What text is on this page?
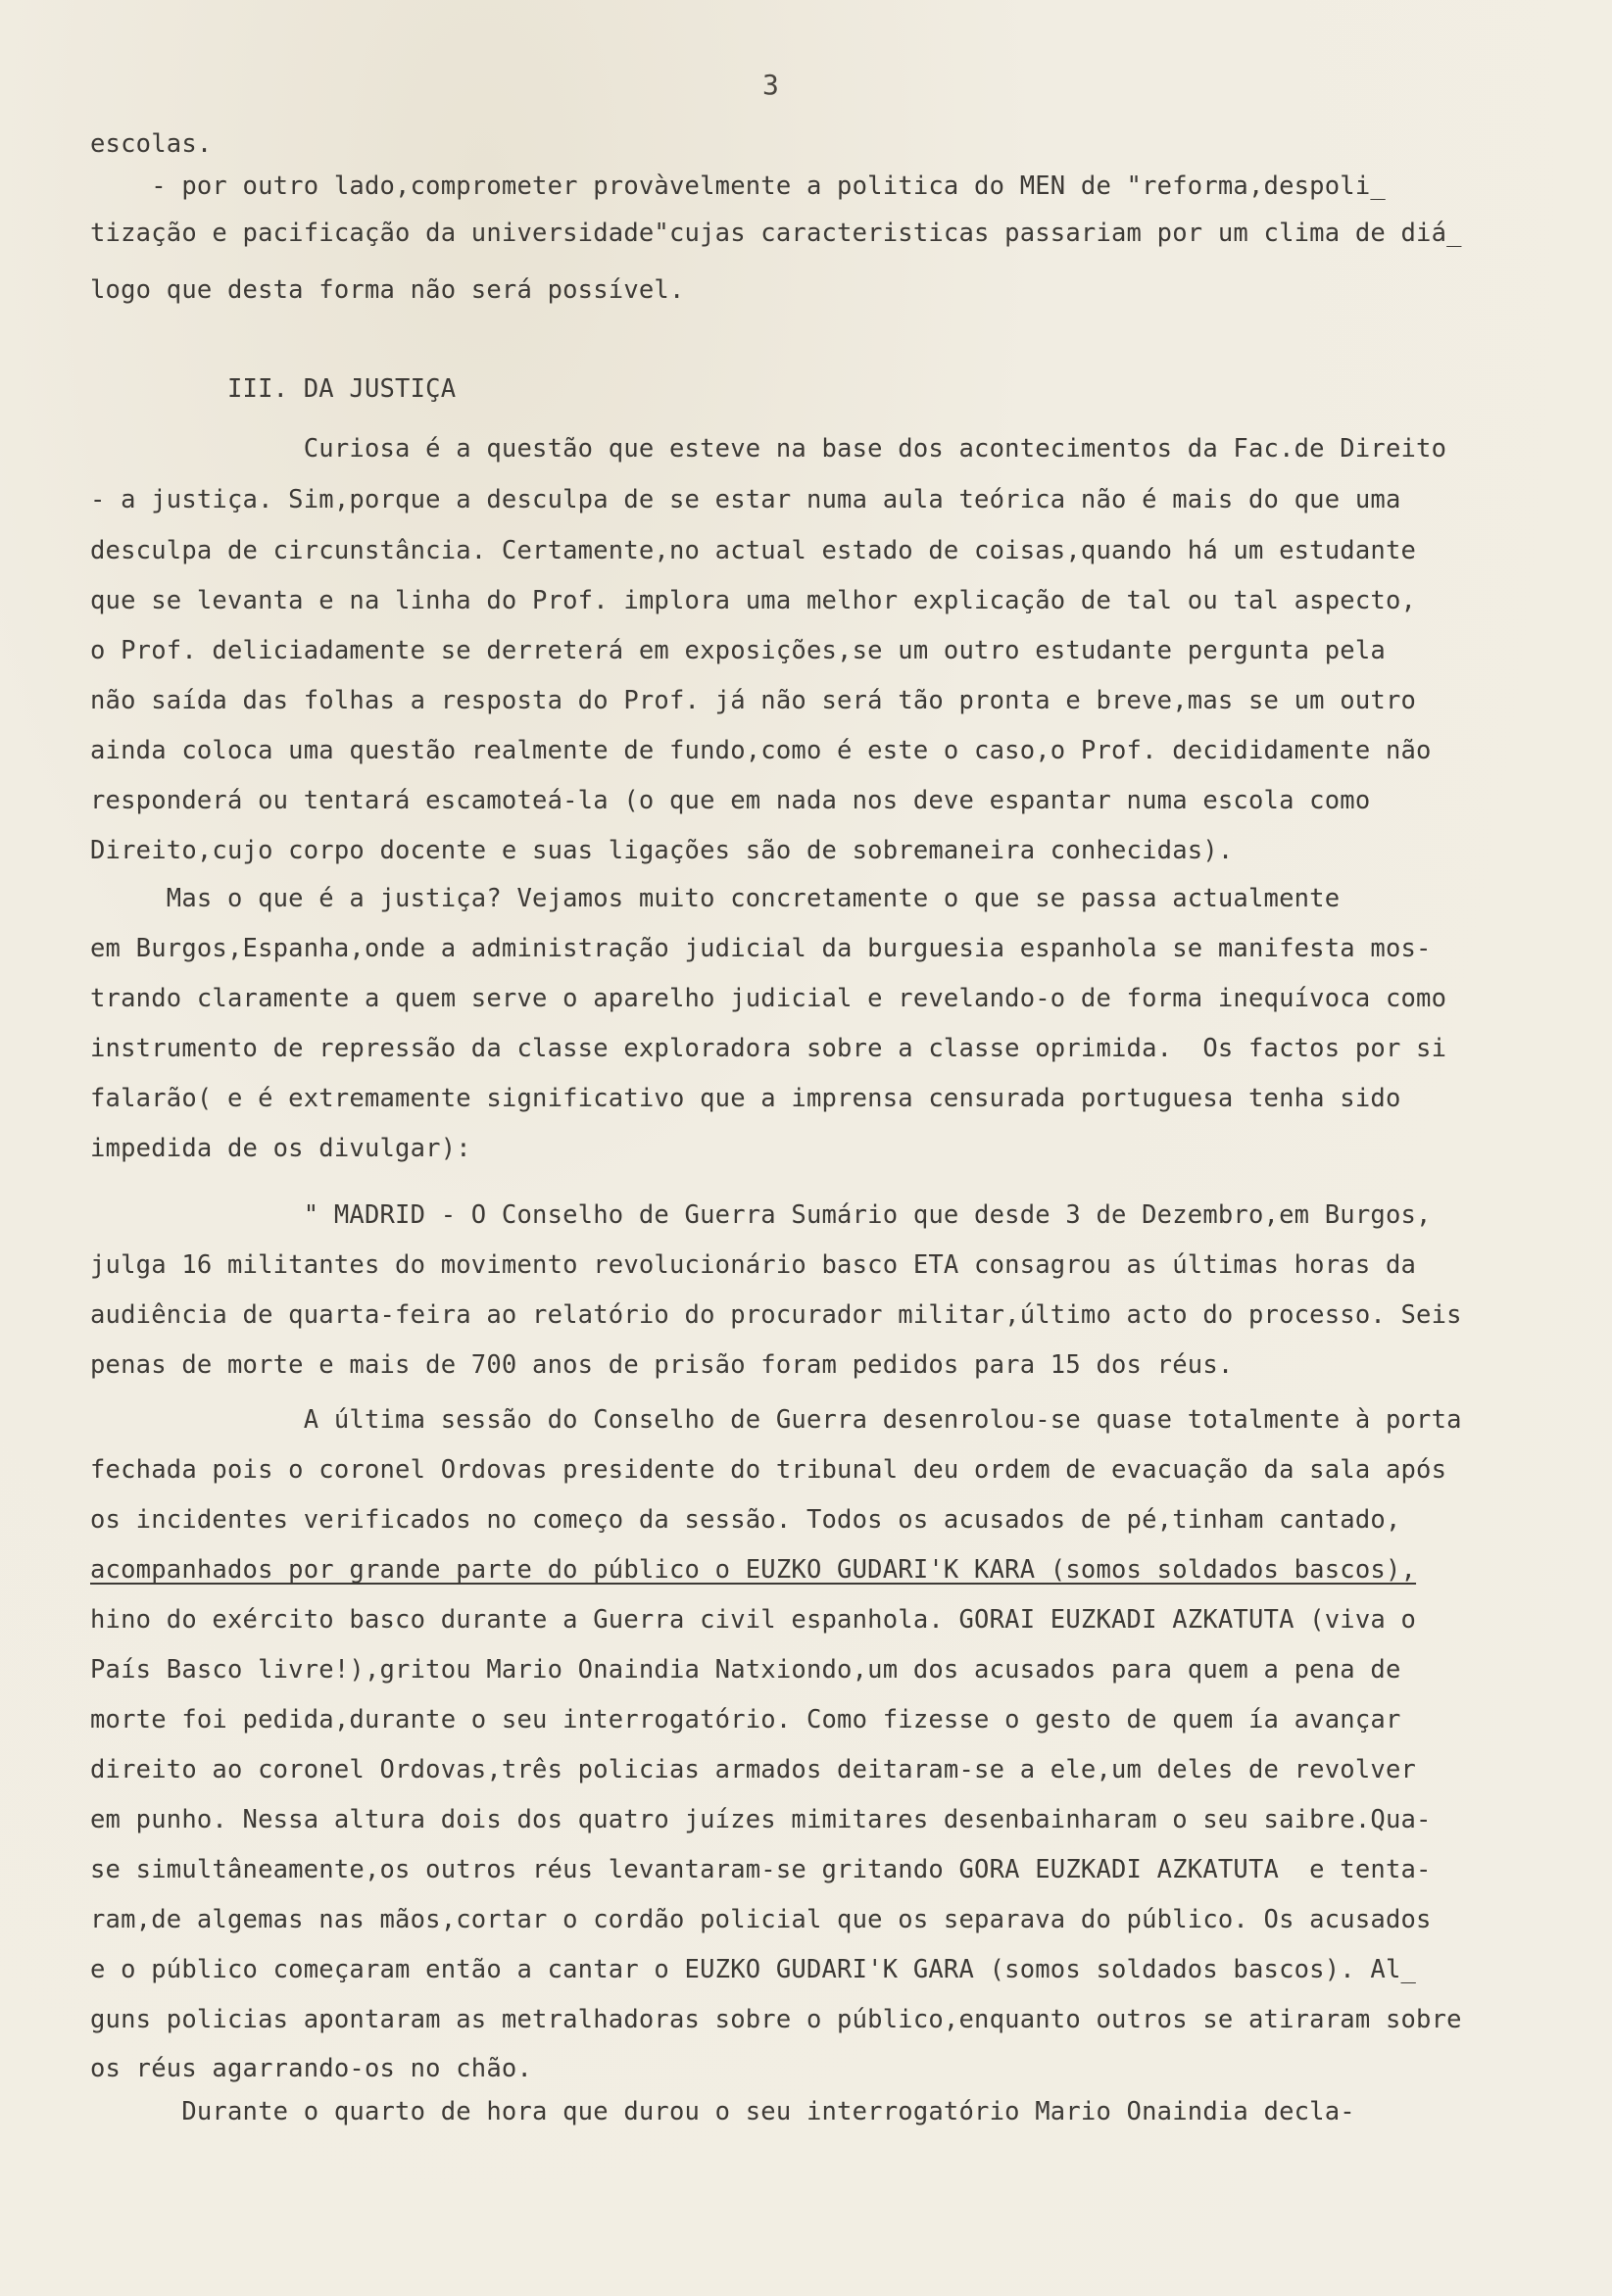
3
escolas.
- por outro lado,comprometer provàvelmente a politica do MEN de "reforma,despoli_
tização e pacificação da universidade"cujas caracteristicas passariam por um clima de diá_
logo que desta forma não será possível.
III. DA JUSTIÇA
Curiosa é a questão que esteve na base dos acontecimentos da Fac.de Direito
- a justiça. Sim,porque a desculpa de se estar numa aula teórica não é mais do que uma
desculpa de circunstância. Certamente,no actual estado de coisas,quando há um estudante
que se levanta e na linha do Prof. implora uma melhor explicação de tal ou tal aspecto,
o Prof. deliciadamente se derreterá em exposições,se um outro estudante pergunta pela
não saída das folhas a resposta do Prof. já não será tão pronta e breve,mas se um outro
ainda coloca uma questão realmente de fundo,como é este o caso,o Prof. decididamente não
responderá ou tentará escamoteá-la (o que em nada nos deve espantar numa escola como
Direito,cujo corpo docente e suas ligações são de sobremaneira conhecidas).
Mas o que é a justiça? Vejamos muito concretamente o que se passa actualmente
em Burgos,Espanha,onde a administração judicial da burguesia espanhola se manifesta mos-
trando claramente a quem serve o aparelho judicial e revelando-o de forma inequívoca como
instrumento de repressão da classe exploradora sobre a classe oprimida.  Os factos por si
falarão( e é extremamente significativo que a imprensa censurada portuguesa tenha sido
impedida de os divulgar):
" MADRID - O Conselho de Guerra Sumário que desde 3 de Dezembro,em Burgos,
julga 16 militantes do movimento revolucionário basco ETA consagrou as últimas horas da
audiência de quarta-feira ao relatório do procurador militar,último acto do processo. Seis
penas de morte e mais de 700 anos de prisão foram pedidos para 15 dos réus.
A última sessão do Conselho de Guerra desenrolou-se quase totalmente à porta
fechada pois o coronel Ordovas presidente do tribunal deu ordem de evacuação da sala após
os incidentes verificados no começo da sessão. Todos os acusados de pé,tinham cantado,
acompanhados por grande parte do público o EUZKO GUDARI'K KARA (somos soldados bascos),
hino do exército basco durante a Guerra civil espanhola. GORAI EUZKADI AZKATUTA (viva o
País Basco livre!),gritou Mario Onaindia Natxiondo,um dos acusados para quem a pena de
morte foi pedida,durante o seu interrogatório. Como fizesse o gesto de quem ía avançar
direito ao coronel Ordovas,três policias armados deitaram-se a ele,um deles de revolver
em punho. Nessa altura dois dos quatro juízes mimitares desenbainharam o seu saibre.Qua-
se simultâneamente,os outros réus levantaram-se gritando GORA EUZKADI AZKATUTA  e tenta-
ram,de algemas nas mãos,cortar o cordão policial que os separava do público. Os acusados
e o público começaram então a cantar o EUZKO GUDARI'K GARA (somos soldados bascos). Al_
guns policias apontaram as metralhadoras sobre o público,enquanto outros se atiraram sobre
os réus agarrando-os no chão.
Durante o quarto de hora que durou o seu interrogatório Mario Onaindia decla-
